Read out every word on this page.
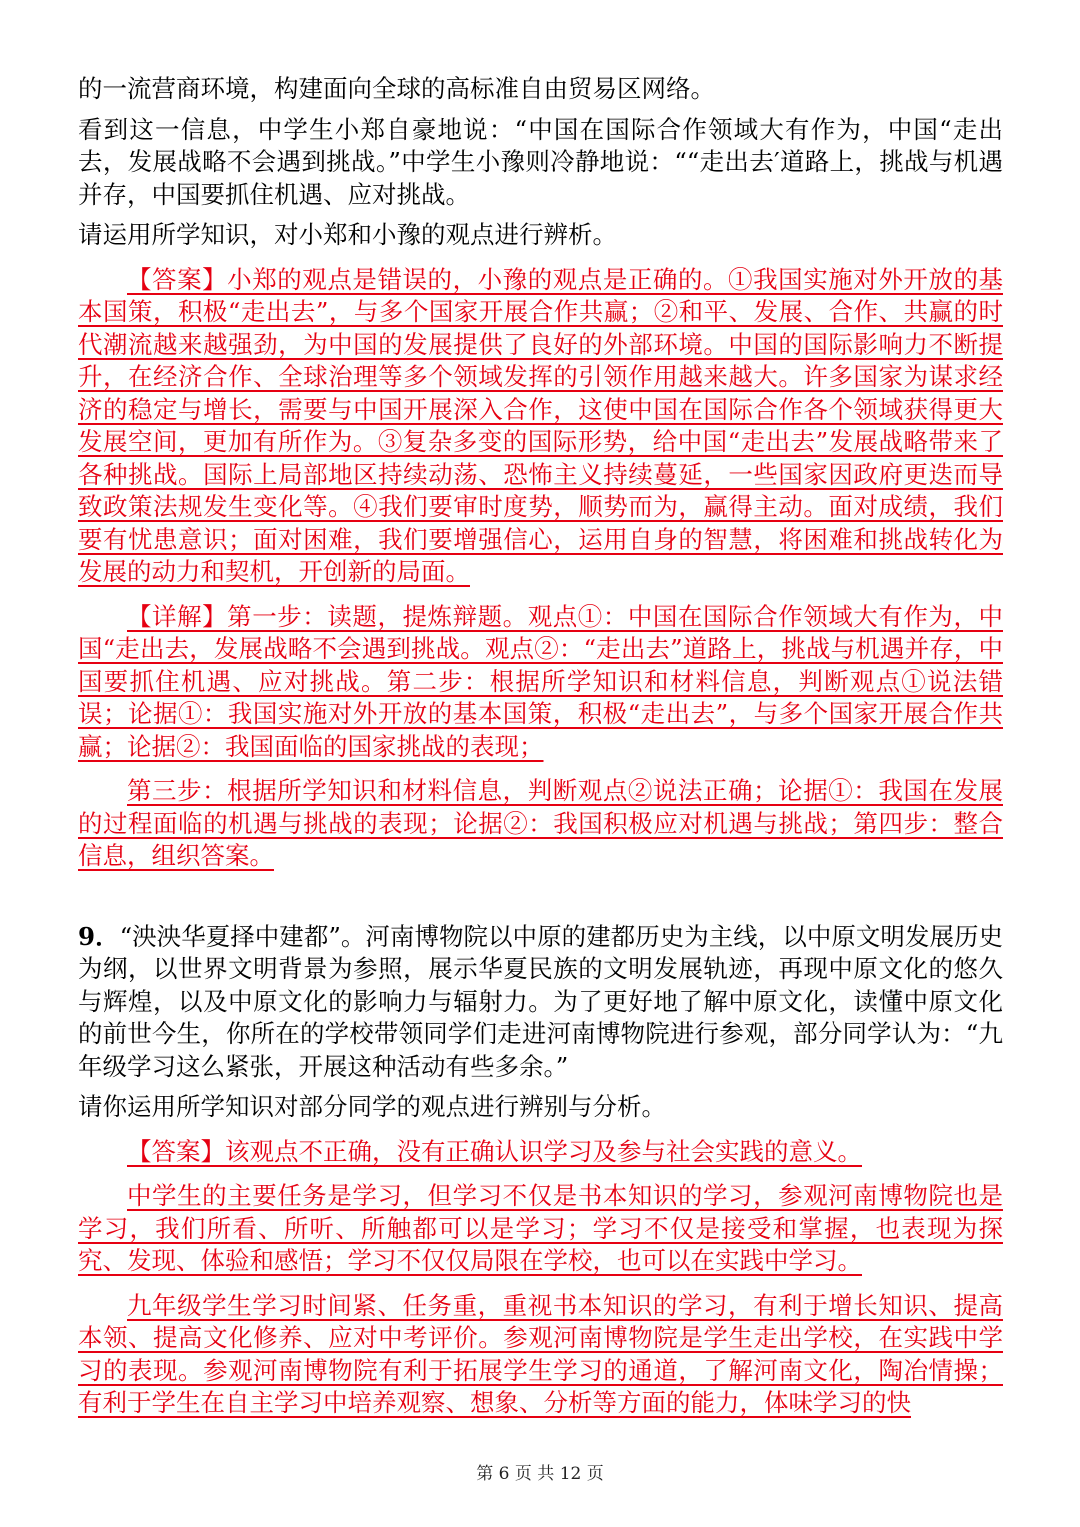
的一流营商环境，构建面向全球的高标准自由贸易区网络。

看到这一信息，中学生小郑自豪地说：“中国在国际合作领域大有作为，中国“走出去，发展战略不会遇到挑战。”中学生小豫则冷静地说：““走出去′道路上，挑战与机遇并存，中国要抓住机遇、应对挑战。

请运用所学知识，对小郑和小豫的观点进行辨析。

【答案】小郑的观点是错误的，小豫的观点是正确的。①我国实施对外开放的基本国策，积极“走出去”，与多个国家开展合作共赢；②和平、发展、合作、共赢的时代潮流越来越强劲，为中国的发展提供了良好的外部环境。中国的国际影响力不断提升，在经济合作、全球治理等多个领域发挥的引领作用越来越大。许多国家为谋求经济的稳定与增长，需要与中国开展深入合作，这使中国在国际合作各个领域获得更大发展空间，更加有所作为。③复杂多变的国际形势，给中国“走出去”发展战略带来了各种挑战。国际上局部地区持续动荡、恐怖主义持续蔓延，一些国家因政府更迭而导致政策法规发生变化等。④我们要审时度势，顺势而为，赢得主动。面对成绩，我们要有忧患意识；面对困难，我们要增强信心，运用自身的智慧，将困难和挑战转化为发展的动力和契机，开创新的局面。

【详解】第一步：读题，提炼辩题。观点①：中国在国际合作领域大有作为，中国“走出去，发展战略不会遇到挑战。观点②：“走出去”道路上，挑战与机遇并存，中国要抓住机遇、应对挑战。第二步：根据所学知识和材料信息，判断观点①说法错误；论据①：我国实施对外开放的基本国策，积极“走出去”，与多个国家开展合作共赢；论据②：我国面临的国家挑战的表现；

第三步：根据所学知识和材料信息，判断观点②说法正确；论据①：我国在发展的过程面临的机遇与挑战的表现；论据②：我国积极应对机遇与挑战；第四步：整合信息，组织答案。

9．“泱泱华夏择中建都”。河南博物院以中原的建都历史为主线，以中原文明发展历史为纲，以世界文明背景为参照，展示华夏民族的文明发展轨迹，再现中原文化的悠久与辉煌，以及中原文化的影响力与辐射力。为了更好地了解中原文化，读懂中原文化的前世今生，你所在的学校带领同学们走进河南博物院进行参观，部分同学认为：“九年级学习这么紧张，开展这种活动有些多余。”

请你运用所学知识对部分同学的观点进行辨别与分析。

【答案】该观点不正确，没有正确认识学习及参与社会实践的意义。

中学生的主要任务是学习，但学习不仅是书本知识的学习，参观河南博物院也是学习，我们所看、所听、所触都可以是学习；学习不仅是接受和掌握，也表现为探究、发现、体验和感悟；学习不仅仅局限在学校，也可以在实践中学习。

九年级学生学习时间紧、任务重，重视书本知识的学习，有利于增长知识、提高本领、提高文化修养、应对中考评价。参观河南博物院是学生走出学校，在实践中学习的表现。参观河南博物院有利于拓展学生学习的通道，了解河南文化，陶冶情操；有利于学生在自主学习中培养观察、想象、分析等方面的能力，体味学习的快

第 6 页 共 12 页
